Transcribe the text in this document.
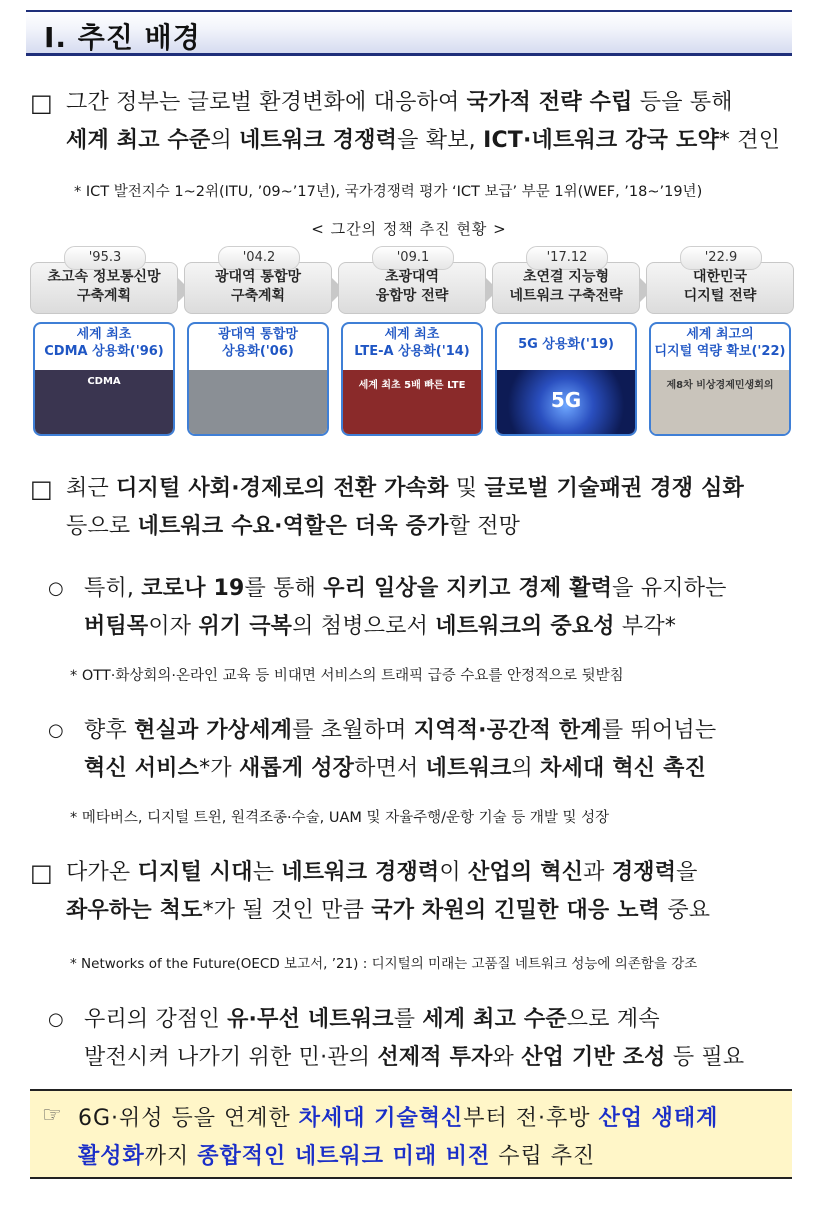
Ⅰ. 추진 배경
□ 그간 정부는 글로벌 환경변화에 대응하여 국가적 전략 수립 등을 통해
세계 최고 수준의 네트워크 경쟁력을 확보, ICT·네트워크 강국 도약* 견인
* ICT 발전지수 1~2위(ITU, ’09~’17년), 국가경쟁력 평가 ‘ICT 보급’ 부문 1위(WEF, ’18~’19년)
< 그간의 정책 추진 현황 >
'95.3
초고속 정보통신망
구축계획
세계 최초
CDMA 상용화('96)
CDMA
'04.2
광대역 통합망
구축계획
광대역 통합망
상용화('06)
'09.1
초광대역
융합망 전략
세계 최초
LTE-A 상용화('14)
세계 최초 5배 빠른 LTE
'17.12
초연결 지능형
네트워크 구축전략
5G 상용화('19)
5G
'22.9
대한민국
디지털 전략
세계 최고의
디지털 역량 확보('22)
제8차 비상경제민생회의
□ 최근 디지털 사회·경제로의 전환 가속화 및 글로벌 기술패권 경쟁 심화
등으로 네트워크 수요·역할은 더욱 증가할 전망
○ 특히, 코로나 19를 통해 우리 일상을 지키고 경제 활력을 유지하는
버팀목이자 위기 극복의 첨병으로서 네트워크의 중요성 부각*
* OTT·화상회의·온라인 교육 등 비대면 서비스의 트래픽 급증 수요를 안정적으로 뒷받침
○ 향후 현실과 가상세계를 초월하며 지역적·공간적 한계를 뛰어넘는
혁신 서비스*가 새롭게 성장하면서 네트워크의 차세대 혁신 촉진
* 메타버스, 디지털 트윈, 원격조종·수술, UAM 및 자율주행/운항 기술 등 개발 및 성장
□ 다가온 디지털 시대는 네트워크 경쟁력이 산업의 혁신과 경쟁력을
좌우하는 척도*가 될 것인 만큼 국가 차원의 긴밀한 대응 노력 중요
* Networks of the Future(OECD 보고서, ’21) : 디지털의 미래는 고품질 네트워크 성능에 의존함을 강조
○ 우리의 강점인 유·무선 네트워크를 세계 최고 수준으로 계속
발전시켜 나가기 위한 민·관의 선제적 투자와 산업 기반 조성 등 필요
☞ 6G·위성 등을 연계한 차세대 기술혁신부터 전·후방 산업 생태계
활성화까지 종합적인 네트워크 미래 비전 수립 추진
